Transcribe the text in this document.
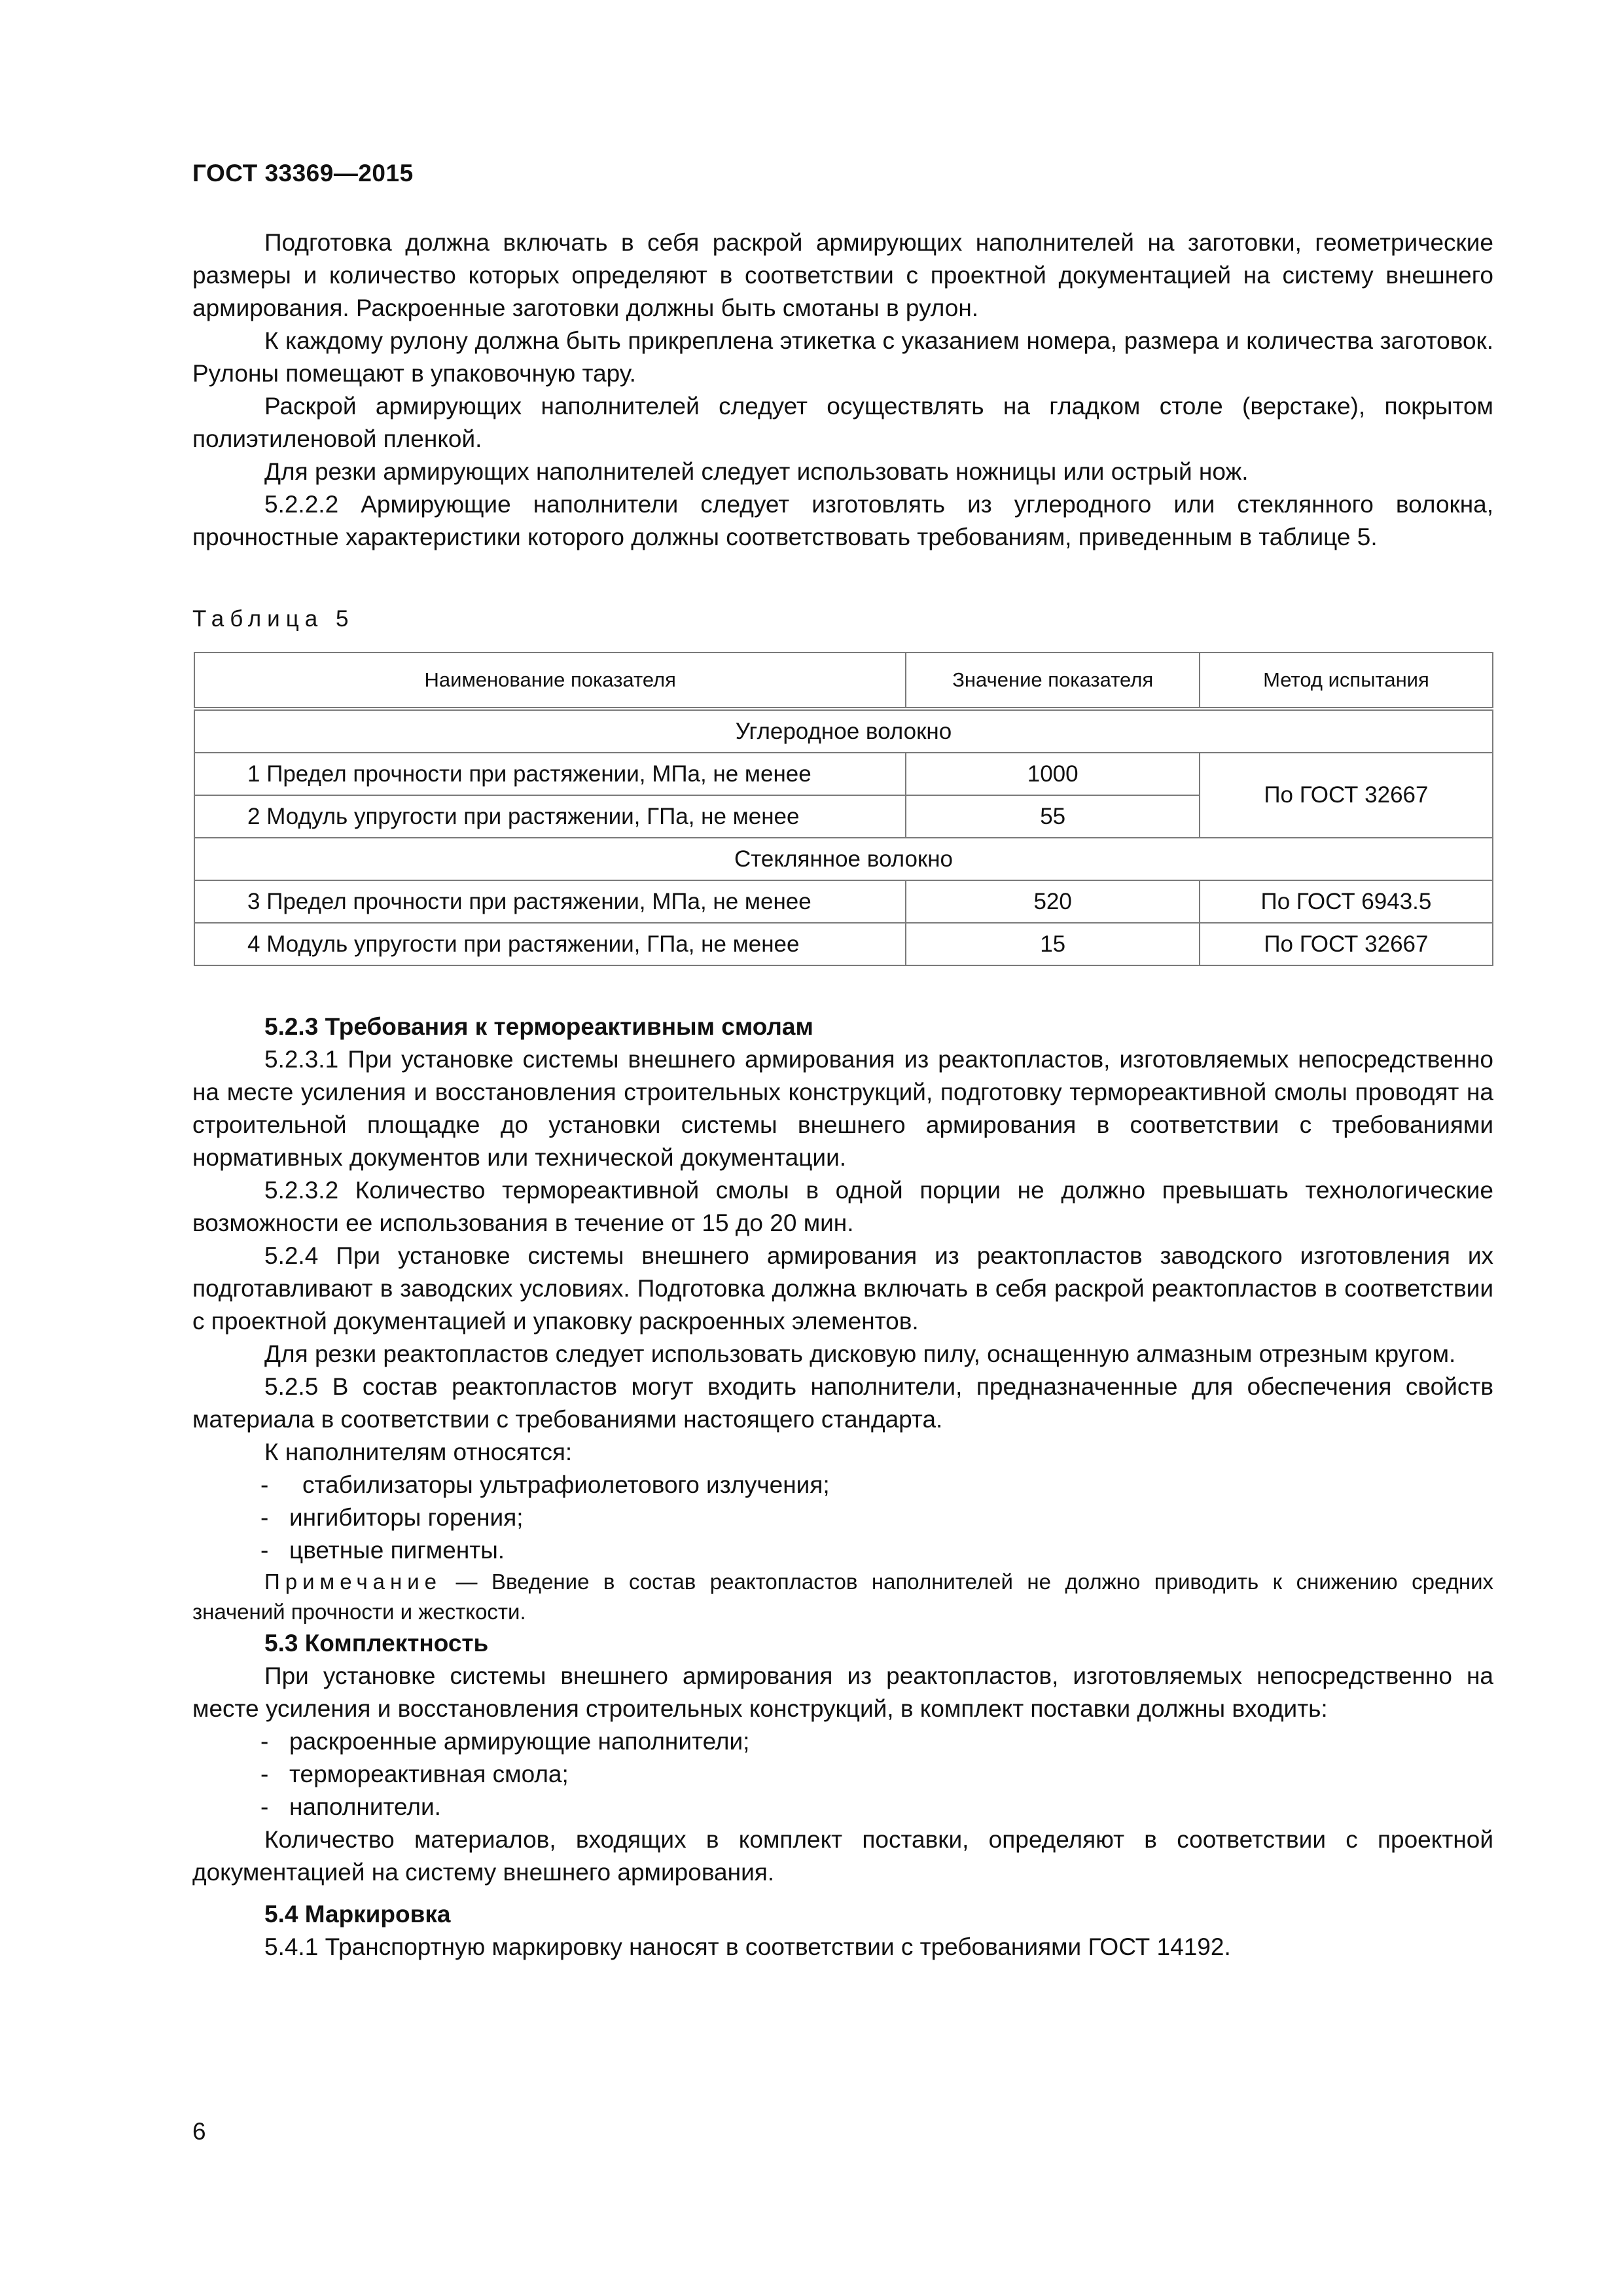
ГОСТ 33369—2015

Подготовка должна включать в себя раскрой армирующих наполнителей на заготовки, геометрические размеры и количество которых определяют в соответствии с проектной документацией на систему внешнего армирования. Раскроенные заготовки должны быть смотаны в рулон.

К каждому рулону должна быть прикреплена этикетка с указанием номера, размера и количества заготовок. Рулоны помещают в упаковочную тару.

Раскрой армирующих наполнителей следует осуществлять на гладком столе (верстаке), покрытом полиэтиленовой пленкой.

Для резки армирующих наполнителей следует использовать ножницы или острый нож.

5.2.2.2 Армирующие наполнители следует изготовлять из углеродного или стеклянного волокна, прочностные характеристики которого должны соответствовать требованиям, приведенным в таблице 5.

Таблица 5
Наименование показателя	Значение показателя	Метод испытания
Углеродное волокно		
1 Предел прочности при растяжении, МПа, не менее	1000	По ГОСТ 32667
2 Модуль упругости при растяжении, ГПа, не менее	55	
Стеклянное волокно		
3 Предел прочности при растяжении, МПа, не менее	520	По ГОСТ 6943.5
4 Модуль упругости при растяжении, ГПа, не менее	15	По ГОСТ 32667

5.2.3 Требования к термореактивным смолам

5.2.3.1 При установке системы внешнего армирования из реактопластов, изготовляемых непосредственно на месте усиления и восстановления строительных конструкций, подготовку термореактивной смолы проводят на строительной площадке до установки системы внешнего армирования в соответствии с требованиями нормативных документов или технической документации.

5.2.3.2 Количество термореактивной смолы в одной порции не должно превышать технологические возможности ее использования в течение от 15 до 20 мин.

5.2.4 При установке системы внешнего армирования из реактопластов заводского изготовления их подготавливают в заводских условиях. Подготовка должна включать в себя раскрой реактопластов в соответствии с проектной документацией и упаковку раскроенных элементов.

Для резки реактопластов следует использовать дисковую пилу, оснащенную алмазным отрезным кругом.

5.2.5 В состав реактопластов могут входить наполнители, предназначенные для обеспечения свойств материала в соответствии с требованиями настоящего стандарта.

К наполнителям относятся:

- стабилизаторы ультрафиолетового излучения;

- ингибиторы горения;

- цветные пигменты.

Примечание — Введение в состав реактопластов наполнителей не должно приводить к снижению средних значений прочности и жесткости.

5.3 Комплектность

При установке системы внешнего армирования из реактопластов, изготовляемых непосредственно на месте усиления и восстановления строительных конструкций, в комплект поставки должны входить:

- раскроенные армирующие наполнители;

- термореактивная смола;

- наполнители.

Количество материалов, входящих в комплект поставки, определяют в соответствии с проектной документацией на систему внешнего армирования.

5.4 Маркировка

5.4.1 Транспортную маркировку наносят в соответствии с требованиями ГОСТ 14192.

6
